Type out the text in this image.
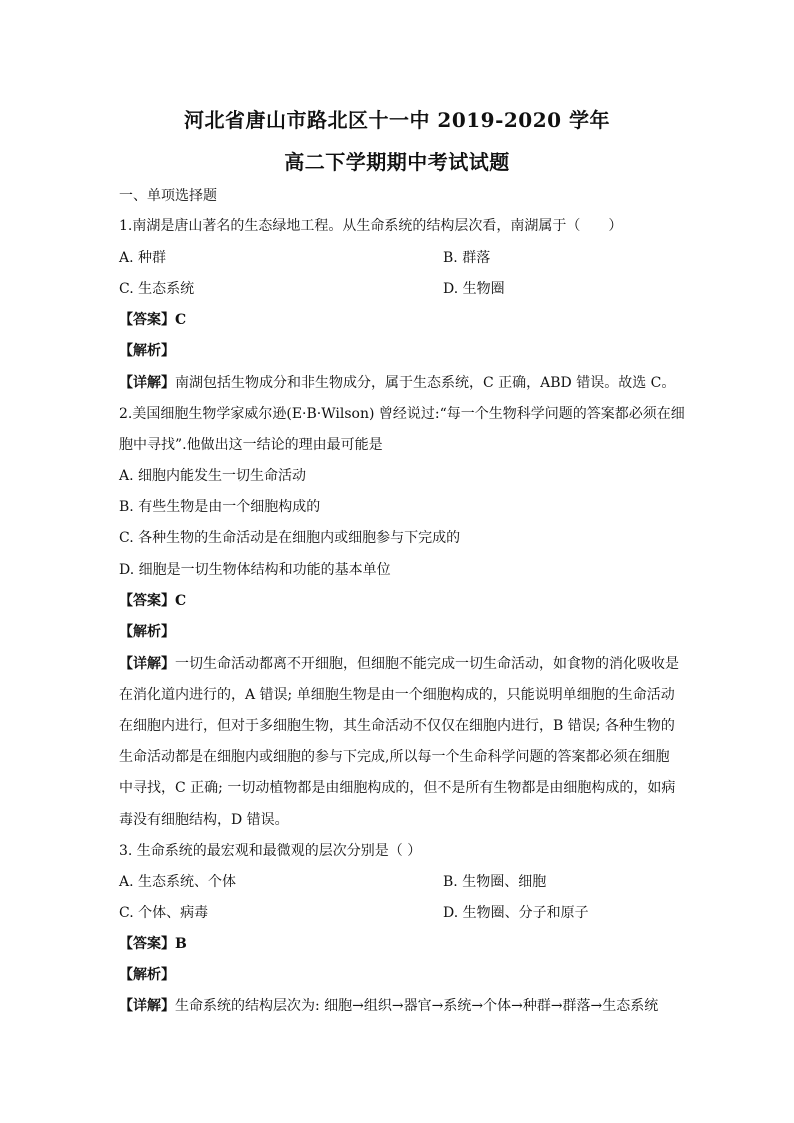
河北省唐山市路北区十一中 2019-2020 学年
高二下学期期中考试试题
一、单项选择题
1.南湖是唐山著名的生态绿地工程。从生命系统的结构层次看，南湖属于（　　）
A. 种群	B. 群落
C. 生态系统	D. 生物圈
【答案】C
【解析】
【详解】南湖包括生物成分和非生物成分，属于生态系统，C 正确，ABD 错误。故选 C。
2.美国细胞生物学家威尔逊(E·B·Wilson) 曾经说过:“每一个生物科学问题的答案都必须在细
胞中寻找”.他做出这一结论的理由最可能是
A. 细胞内能发生一切生命活动
B. 有些生物是由一个细胞构成的
C. 各种生物的生命活动是在细胞内或细胞参与下完成的
D. 细胞是一切生物体结构和功能的基本单位
【答案】C
【解析】
【详解】一切生命活动都离不开细胞，但细胞不能完成一切生命活动，如食物的消化吸收是
在消化道内进行的，A 错误; 单细胞生物是由一个细胞构成的，只能说明单细胞的生命活动
在细胞内进行，但对于多细胞生物，其生命活动不仅仅在细胞内进行，B 错误; 各种生物的
生命活动都是在细胞内或细胞的参与下完成,所以每一个生命科学问题的答案都必须在细胞
中寻找，C 正确; 一切动植物都是由细胞构成的，但不是所有生物都是由细胞构成的，如病
毒没有细胞结构，D 错误。
3. 生命系统的最宏观和最微观的层次分别是（ ）
A. 生态系统、个体	B. 生物圈、细胞
C. 个体、病毒	D. 生物圈、分子和原子
【答案】B
【解析】
【详解】生命系统的结构层次为: 细胞→组织→器官→系统→个体→种群→群落→生态系统
